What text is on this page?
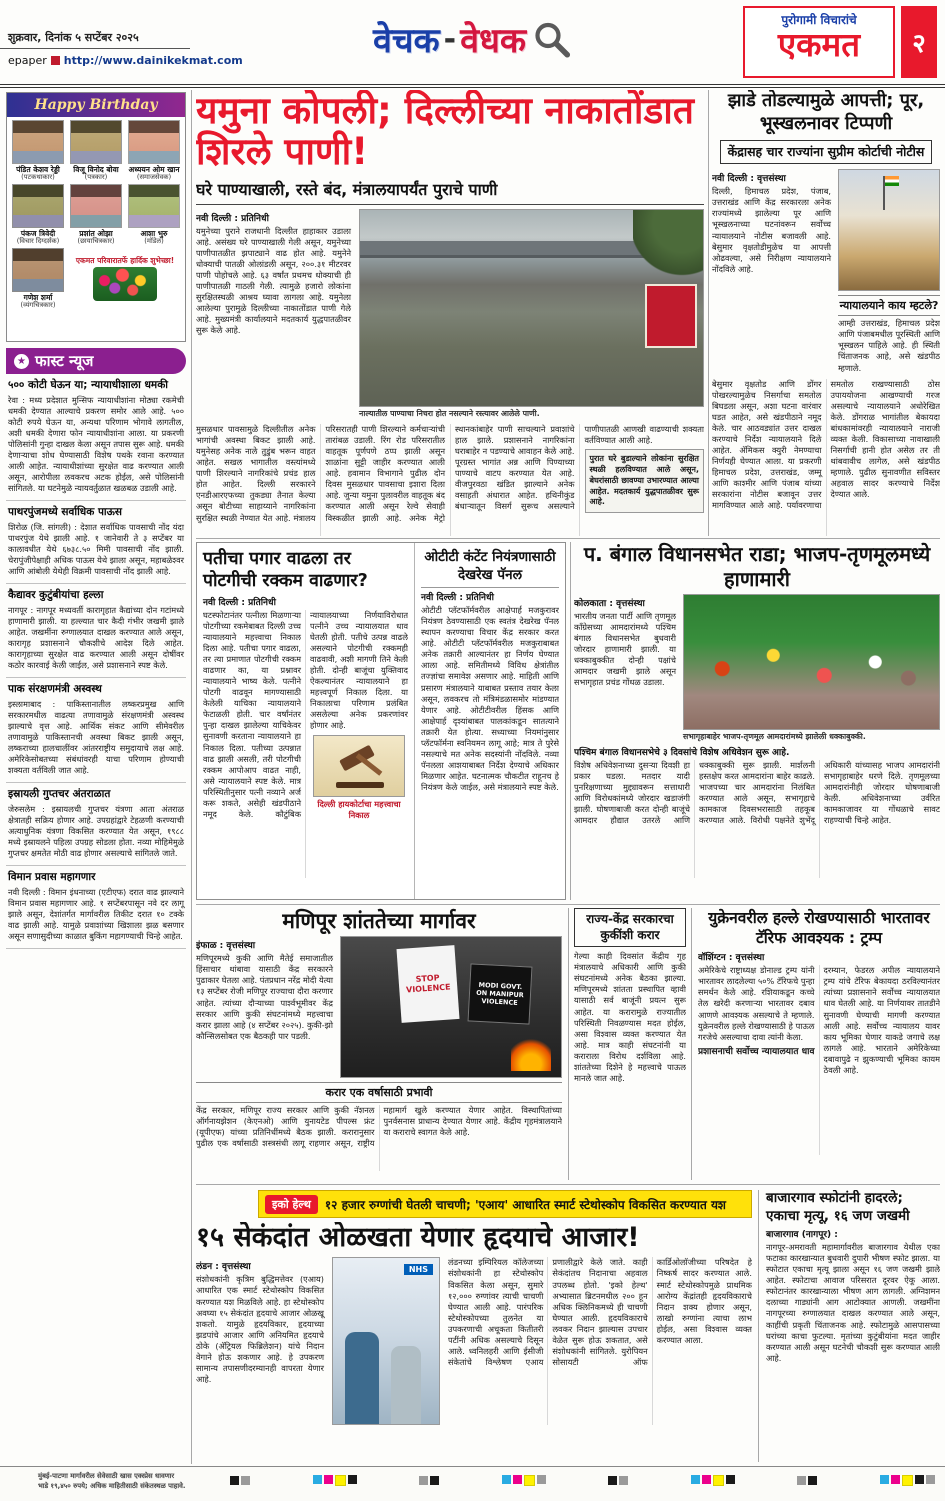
शुक्रवार, दिनांक ५ सप्टेंबर २०२५
epaper http://www.dainikekmat.com	वेचक - वेधक
पुरोगामी विचारांचे
एकमत	२
Happy Birthday
पंडित केशव रेड्डी
(पटकथाकार)
विजू विनोद बोवा
(पत्रकार)
अध्ययन ओम खान
(समाजसेवक)
पंकज त्रिवेदी
(विचार दिग्दर्शक)
प्रशांत ओझा
(छायाचित्रकार)
आशा भुरु
(मॉडेल)
गणेश शर्मा
(व्यंगचित्रकार)
एकमत परिवारातर्फे हार्दिक शुभेच्छा!
★ फास्ट न्यूज
५०० कोटी घेऊन या; न्यायाधीशाला धमकी
रेवा : मध्य प्रदेशात मुन्सिफ न्यायाधीशांना मोठ्या रकमेची धमकी देण्यात आल्याचे प्रकरण समोर आले आहे. ५०० कोटी रुपये घेऊन या, अन्यथा परिणाम भोगावे लागतील, अशी धमकी देणारा फोन न्यायाधीशांना आला. या प्रकरणी पोलिसांनी गुन्हा दाखल केला असून तपास सुरू आहे. धमकी देणाऱ्याचा शोध घेण्यासाठी विशेष पथके रवाना करण्यात आली आहेत. न्यायाधीशांच्या सुरक्षेत वाढ करण्यात आली असून, आरोपीला लवकरच अटक होईल, असे पोलिसांनी सांगितले. या घटनेमुळे न्यायवर्तुळात खळबळ उडाली आहे.
पाथरपुंजमध्ये सर्वाधिक पाऊस
शिरोळ (जि. सांगली) : देशात सर्वाधिक पावसाची नोंद यंदा पाथरपुंज येथे झाली आहे. १ जानेवारी ते ३ सप्टेंबर या कालावधीत येथे ६७३८.५० मिमी पावसाची नोंद झाली. चेरापुंजीपेक्षाही अधिक पाऊस येथे झाला असून, महाबळेश्वर आणि आंबोली येथेही विक्रमी पावसाची नोंद झाली आहे.
कैद्यावर कुटुंबीयांचा हल्ला
नागपूर : नागपूर मध्यवर्ती कारागृहात कैद्यांच्या दोन गटांमध्ये हाणामारी झाली. या हल्ल्यात चार कैदी गंभीर जखमी झाले आहेत. जखमींना रुग्णालयात दाखल करण्यात आले असून, कारागृह प्रशासनाने चौकशीचे आदेश दिले आहेत. कारागृहाच्या सुरक्षेत वाढ करण्यात आली असून दोषींवर कठोर कारवाई केली जाईल, असे प्रशासनाने स्पष्ट केले.
पाक संरक्षणमंत्री अस्वस्थ
इस्लामाबाद : पाकिस्तानातील लष्करप्रमुख आणि सरकारमधील वाढत्या तणावामुळे संरक्षणमंत्री अस्वस्थ झाल्याचे वृत्त आहे. आर्थिक संकट आणि सीमेवरील तणावामुळे पाकिस्तानची अवस्था बिकट झाली असून, लष्कराच्या हालचालींवर आंतरराष्ट्रीय समुदायाचे लक्ष आहे. अमेरिकेसोबतच्या संबंधांवरही याचा परिणाम होण्याची शक्यता वर्तविली जात आहे.
इस्रायली गुप्तचर अंतराळात
जेरुसलेम : इस्रायलची गुप्तचर यंत्रणा आता अंतराळ क्षेत्रातही सक्रिय होणार आहे. उपग्रहांद्वारे टेहळणी करण्याची अत्याधुनिक यंत्रणा विकसित करण्यात येत असून, १९८८ मध्ये इस्रायलने पहिला उपग्रह सोडला होता. नव्या मोहिमेमुळे गुप्तचर क्षमतेत मोठी वाढ होणार असल्याचे सांगितले जाते.
विमान प्रवास महागणार
नवी दिल्ली : विमान इंधनाच्या (एटीएफ) दरात वाढ झाल्याने विमान प्रवास महागणार आहे. १ सप्टेंबरपासून नवे दर लागू झाले असून, देशांतर्गत मार्गावरील तिकीट दरात १० टक्के वाढ झाली आहे. यामुळे प्रवाशांच्या खिशाला झळ बसणार असून सणासुदीच्या काळात बुकिंग महागण्याची चिन्हे आहेत.
यमुना कोपली; दिल्लीच्या नाकातोंडात शिरले पाणी!
घरे पाण्याखाली, रस्ते बंद, मंत्रालयापर्यंत पुराचे पाणी
नवी दिल्ली : प्रतिनिधी
यमुनेच्या पुराने राजधानी दिल्लीत हाहाकार उडाला आहे. असंख्य घरे पाण्याखाली गेली असून, यमुनेच्या पाणीपातळीत झपाट्याने वाढ होत आहे. यमुनेने धोक्याची पातळी ओलांडली असून, २००.३१ मीटरवर पाणी पोहोचले आहे. ६३ वर्षांत प्रथमच धोक्याची ही पाणीपातळी गाठली गेली. त्यामुळे हजारो लोकांना सुरक्षितस्थळी आश्रय घ्यावा लागला आहे. यमुनेला आलेल्या पुरामुळे दिल्लीच्या नाकातोंडात पाणी गेले आहे. मुख्यमंत्री कार्यालयाने मदतकार्य युद्धपातळीवर सुरू केले आहे.
नाल्यातील पाण्याचा निचरा होत नसल्याने रस्त्यावर आलेले पाणी.
मुसळधार पावसामुळे दिल्लीतील अनेक भागांची अवस्था बिकट झाली आहे. यमुनेसह अनेक नाले तुडुंब भरून वाहत आहेत. सखल भागातील वस्त्यांमध्ये पाणी शिरल्याने नागरिकांचे प्रचंड हाल होत आहेत. दिल्ली सरकारने एनडीआरएफच्या तुकड्या तैनात केल्या असून बोटीच्या साहाय्याने नागरिकांना सुरक्षित स्थळी नेण्यात येत आहे. मंत्रालय परिसरातही पाणी शिरल्याने कर्मचाऱ्यांची तारांबळ उडाली. रिंग रोड परिसरातील वाहतूक पूर्णपणे ठप्प झाली असून शाळांना सुट्टी जाहीर करण्यात आली आहे. हवामान विभागाने पुढील दोन दिवस मुसळधार पावसाचा इशारा दिला आहे. जुन्या यमुना पुलावरील वाहतूक बंद करण्यात आली असून रेल्वे सेवाही विस्कळीत झाली आहे. अनेक मेट्रो स्थानकांबाहेर पाणी साचल्याने प्रवाशांचे हाल झाले. प्रशासनाने नागरिकांना घराबाहेर न पडण्याचे आवाहन केले आहे. पूरग्रस्त भागांत अन्न आणि पिण्याच्या पाण्याचे वाटप करण्यात येत आहे. वीजपुरवठा खंडित झाल्याने अनेक वसाहती अंधारात आहेत. हथिनीकुंड बंधाऱ्यातून विसर्ग सुरूच असल्याने पाणीपातळी आणखी वाढण्याची शक्यता वर्तविण्यात आली आहे.
पुरात घरे बुडाल्याने लोकांना सुरक्षित स्थळी हलविण्यात आले असून, बेघरांसाठी छावण्या उभारण्यात आल्या आहेत. मदतकार्य युद्धपातळीवर सुरू आहे.
झाडे तोडल्यामुळे आपत्ती; पूर, भूस्खलनावर टिप्पणी
केंद्रासह चार राज्यांना सुप्रीम कोर्टाची नोटीस
नवी दिल्ली : वृत्तसंस्था
दिल्ली, हिमाचल प्रदेश, पंजाब, उत्तराखंड आणि केंद्र सरकारला अनेक राज्यांमध्ये झालेल्या पूर आणि भूस्खलनाच्या घटनांवरून सर्वोच्च न्यायालयाने नोटीस बजावली आहे. बेसुमार वृक्षतोडीमुळेच या आपत्ती ओढवल्या, असे निरीक्षण न्यायालयाने नोंदविले आहे.
न्यायालयाने काय म्हटले?
आम्ही उत्तराखंड, हिमाचल प्रदेश आणि पंजाबमधील पूरस्थिती आणि भूस्खलन पाहिले आहे. ही स्थिती चिंताजनक आहे, असे खंडपीठ म्हणाले.
बेसुमार वृक्षतोड आणि डोंगर पोखरल्यामुळेच निसर्गाचा समतोल बिघडला असून, अशा घटना वारंवार घडत आहेत, असे खंडपीठाने नमूद केले. चार आठवड्यांत उत्तर दाखल करण्याचे निर्देश न्यायालयाने दिले आहेत. ॲमिकस क्युरी नेमण्याचा निर्णयही घेण्यात आला. या प्रकरणी हिमाचल प्रदेश, उत्तराखंड, जम्मू आणि काश्मीर आणि पंजाब यांच्या सरकारांना नोटीस बजावून उत्तर मागविण्यात आले आहे. पर्यावरणाचा समतोल राखण्यासाठी ठोस उपाययोजना आखण्याची गरज असल्याचे न्यायालयाने अधोरेखित केले. डोंगराळ भागांतील बेकायदा बांधकामांवरही न्यायालयाने नाराजी व्यक्त केली. विकासाच्या नावाखाली निसर्गाची हानी होत असेल तर ती थांबवावीच लागेल, असे खंडपीठ म्हणाले. पुढील सुनावणीत सविस्तर अहवाल सादर करण्याचे निर्देश देण्यात आले.
पतीचा पगार वाढला तर पोटगीची रक्कम वाढणार?
नवी दिल्ली : प्रतिनिधी
घटस्फोटानंतर पत्नीला मिळणाऱ्या पोटगीच्या रकमेबाबत दिल्ली उच्च न्यायालयाने महत्त्वाचा निकाल दिला आहे. पतीचा पगार वाढला, तर त्या प्रमाणात पोटगीची रक्कम वाढणार का, या प्रश्नावर न्यायालयाने भाष्य केले. पत्नीने पोटगी वाढवून मागण्यासाठी केलेली याचिका न्यायालयाने फेटाळली होती. चार वर्षांनंतर पुन्हा दाखल झालेल्या याचिकेवर सुनावणी करताना न्यायालयाने हा निकाल दिला. पतीच्या उत्पन्नात वाढ झाली असली, तरी पोटगीची रक्कम आपोआप वाढत नाही, असे न्यायालयाने स्पष्ट केले. मात्र परिस्थितीनुसार पत्नी नव्याने अर्ज करू शकते, असेही खंडपीठाने नमूद केले. कौटुंबिक न्यायालयाच्या निर्णयाविरोधात पत्नीने उच्च न्यायालयात धाव घेतली होती. पतीचे उत्पन्न वाढले असल्याने पोटगीची रक्कमही वाढवावी, अशी मागणी तिने केली होती. दोन्ही बाजूंचा युक्तिवाद ऐकल्यानंतर न्यायालयाने हा महत्त्वपूर्ण निकाल दिला. या निकालाचा परिणाम प्रलंबित असलेल्या अनेक प्रकरणांवर होणार आहे.
दिल्ली हायकोर्टाचा महत्त्वाचा निकाल
ओटीटी कंटेंट नियंत्रणासाठी देखरेख पॅनल
नवी दिल्ली : प्रतिनिधी
ओटीटी प्लॅटफॉर्मवरील आक्षेपार्ह मजकुरावर नियंत्रण ठेवण्यासाठी एक स्वतंत्र देखरेख पॅनल स्थापन करण्याचा विचार केंद्र सरकार करत आहे. ओटीटी प्लॅटफॉर्मवरील मजकुराबाबत अनेक तक्रारी आल्यानंतर हा निर्णय घेण्यात आला आहे. समितीमध्ये विविध क्षेत्रांतील तज्ज्ञांचा समावेश असणार आहे. माहिती आणि प्रसारण मंत्रालयाने याबाबत प्रस्ताव तयार केला असून, लवकरच तो मंत्रिमंडळासमोर मांडण्यात येणार आहे. ओटीटीवरील हिंसक आणि आक्षेपार्ह दृश्यांबाबत पालकांकडून सातत्याने तक्रारी येत होत्या. सध्याच्या नियमांनुसार प्लॅटफॉर्मना स्वनियमन लागू आहे; मात्र ते पुरेसे नसल्याचे मत अनेक सदस्यांनी नोंदविले. नव्या पॅनलला आशयाबाबत निर्देश देण्याचे अधिकार मिळणार आहेत. घटनात्मक चौकटीत राहूनच हे नियंत्रण केले जाईल, असे मंत्रालयाने स्पष्ट केले.
प. बंगाल विधानसभेत राडा; भाजप-तृणमूलमध्ये हाणामारी
कोलकाता : वृत्तसंस्था
भारतीय जनता पार्टी आणि तृणमूल काँग्रेसच्या आमदारांमध्ये पश्चिम बंगाल विधानसभेत बुधवारी जोरदार हाणामारी झाली. या धक्काबुक्कीत दोन्ही पक्षांचे आमदार जखमी झाले असून सभागृहात प्रचंड गोंधळ उडाला.
सभागृहाबाहेर भाजप-तृणमूल आमदारांमध्ये झालेली धक्काबुक्की.
पश्चिम बंगाल विधानसभेचे ३ दिवसांचे विशेष अधिवेशन सुरू आहे.
विशेष अधिवेशनाच्या दुसऱ्या दिवशी हा प्रकार घडला. मतदार यादी पुनरिक्षणाच्या मुद्द्यावरून सत्ताधारी आणि विरोधकांमध्ये जोरदार खडाजंगी झाली. घोषणाबाजी करत दोन्ही बाजूंचे आमदार हौद्यात उतरले आणि धक्काबुक्की सुरू झाली. मार्शलनी हस्तक्षेप करत आमदारांना बाहेर काढले. भाजपच्या चार आमदारांना निलंबित करण्यात आले असून, सभागृहाचे कामकाज दिवसभरासाठी तहकूब करण्यात आले. विरोधी पक्षनेते शुभेंदू अधिकारी यांच्यासह भाजप आमदारांनी सभागृहाबाहेर धरणे दिले. तृणमूलच्या आमदारांनीही जोरदार घोषणाबाजी केली. अधिवेशनाच्या उर्वरित कामकाजावर या गोंधळाचे सावट राहण्याची चिन्हे आहेत.
मणिपूर शांततेच्या मार्गावर
इंफाळ : वृत्तसंस्था
मणिपूरमध्ये कुकी आणि मैतेई समाजातील हिंसाचार थांबावा यासाठी केंद्र सरकारने पुढाकार घेतला आहे. पंतप्रधान नरेंद्र मोदी येत्या १३ सप्टेंबर रोजी मणिपूर राज्याचा दौरा करणार आहेत. त्यांच्या दौऱ्याच्या पार्श्वभूमीवर केंद्र सरकार आणि कुकी संघटनांमध्ये महत्त्वाचा करार झाला आहे (४ सप्टेंबर २०२५). कुकी-झो कौन्सिलसोबत एक बैठकही पार पडली.
STOP VIOLENCE	MODI GOVT. ON MANIPUR VIOLENCE
करार एक वर्षासाठी प्रभावी
केंद्र सरकार, मणिपूर राज्य सरकार आणि कुकी नॅशनल ऑर्गनायझेशन (केएनओ) आणि युनायटेड पीपल्स फ्रंट (यूपीएफ) यांच्या प्रतिनिधींमध्ये बैठक झाली. करारानुसार पुढील एक वर्षासाठी शस्त्रसंधी लागू राहणार असून, राष्ट्रीय महामार्ग खुले करण्यात येणार आहेत. विस्थापितांच्या पुनर्वसनास प्राधान्य देण्यात येणार आहे. केंद्रीय गृहमंत्रालयाने या कराराचे स्वागत केले आहे.
राज्य-केंद्र सरकारचा कुकींशी करार
गेल्या काही दिवसांत केंद्रीय गृह मंत्रालयाचे अधिकारी आणि कुकी संघटनांमध्ये अनेक बैठका झाल्या. मणिपूरमध्ये शांतता प्रस्थापित व्हावी यासाठी सर्व बाजूंनी प्रयत्न सुरू आहेत. या करारामुळे राज्यातील परिस्थिती निवळण्यास मदत होईल, असा विश्वास व्यक्त करण्यात येत आहे. मात्र काही संघटनांनी या कराराला विरोध दर्शविला आहे. शांततेच्या दिशेने हे महत्त्वाचे पाऊल मानले जात आहे.
युक्रेनवरील हल्ले रोखण्यासाठी भारतावर टॅरिफ आवश्यक : ट्रम्प
वॉशिंग्टन : वृत्तसंस्था
अमेरिकेचे राष्ट्राध्यक्ष डोनाल्ड ट्रम्प यांनी भारतावर लादलेल्या ५०% टॅरिफचे पुन्हा समर्थन केले आहे. रशियाकडून कच्चे तेल खरेदी करणाऱ्या भारतावर दबाव आणणे आवश्यक असल्याचे ते म्हणाले. युक्रेनवरील हल्ले रोखण्यासाठी हे पाऊल गरजेचे असल्याचा दावा त्यांनी केला.
प्रशासनाची सर्वोच्च न्यायालयात धाव
दरम्यान, फेडरल अपील न्यायालयाने ट्रम्प यांचे टॅरिफ बेकायदा ठरविल्यानंतर त्यांच्या प्रशासनाने सर्वोच्च न्यायालयात धाव घेतली आहे. या निर्णयावर तातडीने सुनावणी घेण्याची मागणी करण्यात आली आहे. सर्वोच्च न्यायालय यावर काय भूमिका घेणार याकडे जगाचे लक्ष लागले आहे. भारताने अमेरिकेच्या दबावापुढे न झुकण्याची भूमिका कायम ठेवली आहे.
इको हेल्थ	१२ हजार रुग्णांची घेतली चाचणी; 'एआय' आधारित स्मार्ट स्टेथोस्कोप विकसित करण्यात यश
१५ सेकंदांत ओळखता येणार हृदयाचे आजार!
लंडन : वृत्तसंस्था
संशोधकांनी कृत्रिम बुद्धिमत्तेवर (एआय) आधारित एक स्मार्ट स्टेथोस्कोप विकसित करण्यात यश मिळविले आहे. हा स्टेथोस्कोप अवघ्या १५ सेकंदांत हृदयाचे आजार ओळखू शकतो. यामुळे हृदयविकार, हृदयाच्या झडपांचे आजार आणि अनियमित हृदयाचे ठोके (ॲट्रियल फिब्रिलेशन) यांचे निदान वेगाने होऊ शकणार आहे. हे उपकरण सामान्य तपासणीदरम्यानही वापरता येणार आहे.
NHS
लंडनच्या इम्पिरियल कॉलेजच्या संशोधकांनी हा स्टेथोस्कोप विकसित केला असून, सुमारे १२,००० रुग्णांवर त्याची चाचणी घेण्यात आली आहे. पारंपरिक स्टेथोस्कोपच्या तुलनेत या उपकरणाची अचूकता कितीतरी पटींनी अधिक असल्याचे दिसून आले. ध्वनिलहरी आणि ईसीजी संकेतांचे विश्लेषण एआय प्रणालीद्वारे केले जाते. काही सेकंदांतच निदानाचा अहवाल उपलब्ध होतो. 'इको हेल्थ' अभ्यासात ब्रिटनमधील २०० हून अधिक क्लिनिकमध्ये ही चाचणी घेण्यात आली. हृदयविकाराचे लवकर निदान झाल्यास उपचार वेळेत सुरू होऊ शकतात, असे संशोधकांनी सांगितले. युरोपियन सोसायटी ऑफ कार्डिओलॉजीच्या परिषदेत हे निष्कर्ष सादर करण्यात आले. स्मार्ट स्टेथोस्कोपमुळे प्राथमिक आरोग्य केंद्रांतही हृदयविकाराचे निदान शक्य होणार असून, लाखो रुग्णांना त्याचा लाभ होईल, असा विश्वास व्यक्त करण्यात आला.
बाजारगाव स्फोटांनी हादरले; एकाचा मृत्यू, १६ जण जखमी
बाजारगाव (नागपूर) :
नागपूर-अमरावती महामार्गावरील बाजारगाव येथील एका फटाका कारखान्यात बुधवारी दुपारी भीषण स्फोट झाला. या स्फोटात एकाचा मृत्यू झाला असून १६ जण जखमी झाले आहेत. स्फोटाचा आवाज परिसरात दूरवर ऐकू आला. स्फोटानंतर कारखान्याला भीषण आग लागली. अग्निशमन दलाच्या गाड्यांनी आग आटोक्यात आणली. जखमींना नागपूरच्या रुग्णालयात दाखल करण्यात आले असून, काहींची प्रकृती चिंताजनक आहे. स्फोटामुळे आसपासच्या घरांच्या काचा फुटल्या. मृतांच्या कुटुंबीयांना मदत जाहीर करण्यात आली असून घटनेची चौकशी सुरू करण्यात आली आहे.
मुंबई-पाटणा मार्गावरील सेवेसाठी खास एक्स्प्रेस धावणार
भाडे १९,४५० रुपये; अधिक माहितीसाठी संकेतस्थळ पाहावे.
